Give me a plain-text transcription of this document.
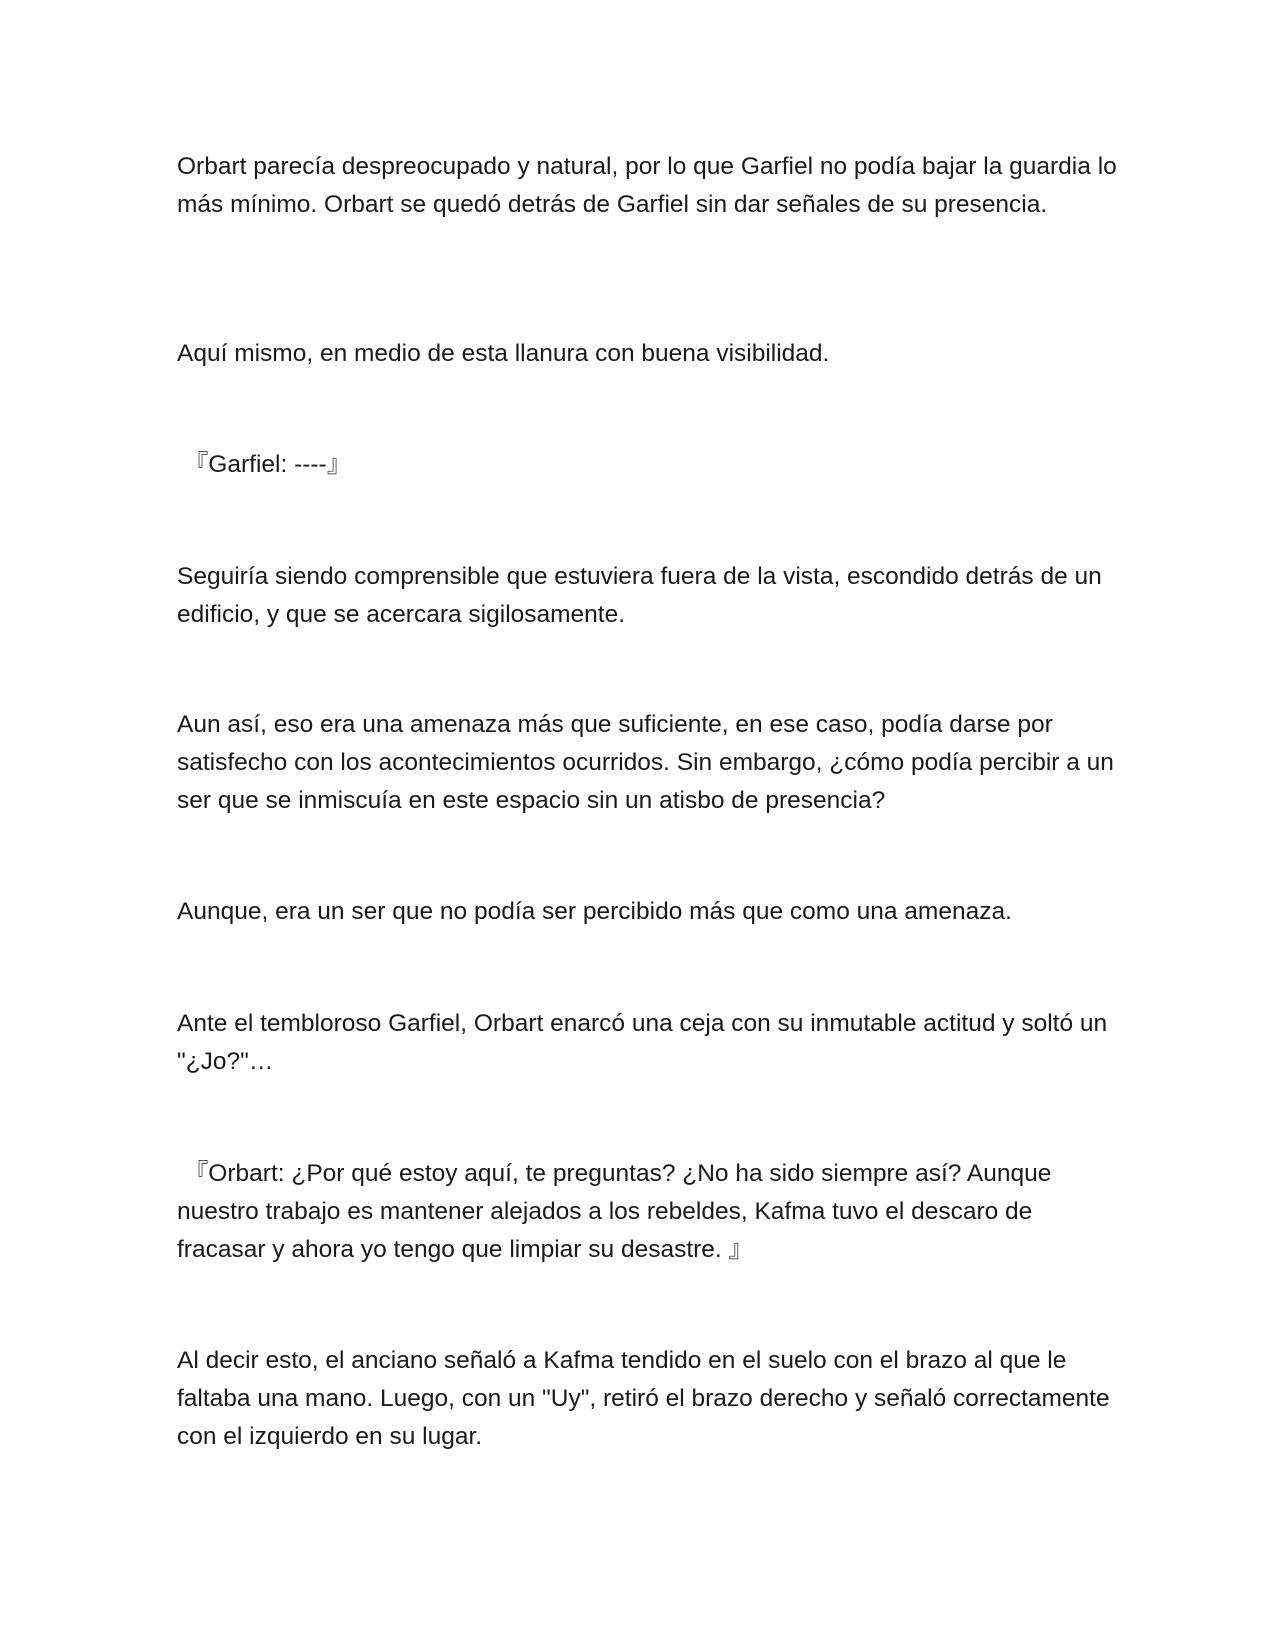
Orbart parecía despreocupado y natural, por lo que Garfiel no podía bajar la guardia lo más mínimo. Orbart se quedó detrás de Garfiel sin dar señales de su presencia.

Aquí mismo, en medio de esta llanura con buena visibilidad.

『Garfiel: ----』

Seguiría siendo comprensible que estuviera fuera de la vista, escondido detrás de un edificio, y que se acercara sigilosamente.

Aun así, eso era una amenaza más que suficiente, en ese caso, podía darse por satisfecho con los acontecimientos ocurridos. Sin embargo, ¿cómo podía percibir a un ser que se inmiscuía en este espacio sin un atisbo de presencia?

Aunque, era un ser que no podía ser percibido más que como una amenaza.

Ante el tembloroso Garfiel, Orbart enarcó una ceja con su inmutable actitud y soltó un "¿Jo?"…

『Orbart: ¿Por qué estoy aquí, te preguntas? ¿No ha sido siempre así? Aunque nuestro trabajo es mantener alejados a los rebeldes, Kafma tuvo el descaro de fracasar y ahora yo tengo que limpiar su desastre. 』

Al decir esto, el anciano señaló a Kafma tendido en el suelo con el brazo al que le faltaba una mano. Luego, con un "Uy", retiró el brazo derecho y señaló correctamente con el izquierdo en su lugar.
